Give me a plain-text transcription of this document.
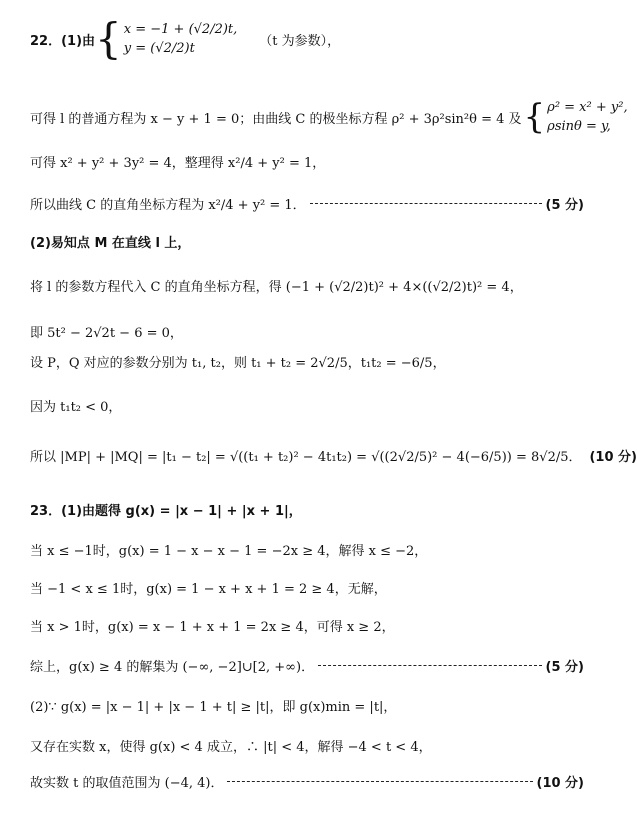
22．(1)由 { x = −1 + (√2/2)t,
y = (√2/2)t	（t 为参数），
可得 l 的普通方程为 x − y + 1 = 0；由曲线 C 的极坐标方程 ρ² + 3ρ²sin²θ = 4 及 { ρ² = x² + y²,
ρsinθ = y,
可得 x² + y² + 3y² = 4，整理得 x²/4 + y² = 1，
所以曲线 C 的直角坐标方程为 x²/4 + y² = 1．	(5 分)
(2)易知点 M 在直线 l 上，
将 l 的参数方程代入 C 的直角坐标方程，得 (−1 + (√2/2)t)² + 4×((√2/2)t)² = 4，
即 5t² − 2√2t − 6 = 0，
设 P，Q 对应的参数分别为 t₁, t₂，则 t₁ + t₂ = 2√2/5，t₁t₂ = −6/5，
因为 t₁t₂ < 0，
所以 |MP| + |MQ| = |t₁ − t₂| = √((t₁ + t₂)² − 4t₁t₂) = √((2√2/5)² − 4(−6/5)) = 8√2/5． (10 分)
23．(1)由题得 g(x) = |x − 1| + |x + 1|，
当 x ≤ −1时，g(x) = 1 − x − x − 1 = −2x ≥ 4，解得 x ≤ −2，
当 −1 < x ≤ 1时，g(x) = 1 − x + x + 1 = 2 ≥ 4，无解，
当 x > 1时，g(x) = x − 1 + x + 1 = 2x ≥ 4，可得 x ≥ 2，
综上，g(x) ≥ 4 的解集为 (−∞, −2]∪[2, +∞)．	(5 分)
(2)∵ g(x) = |x − 1| + |x − 1 + t| ≥ |t|，即 g(x)min = |t|，
又存在实数 x，使得 g(x) < 4 成立，∴ |t| < 4，解得 −4 < t < 4，
故实数 t 的取值范围为 (−4, 4)．	(10 分)
